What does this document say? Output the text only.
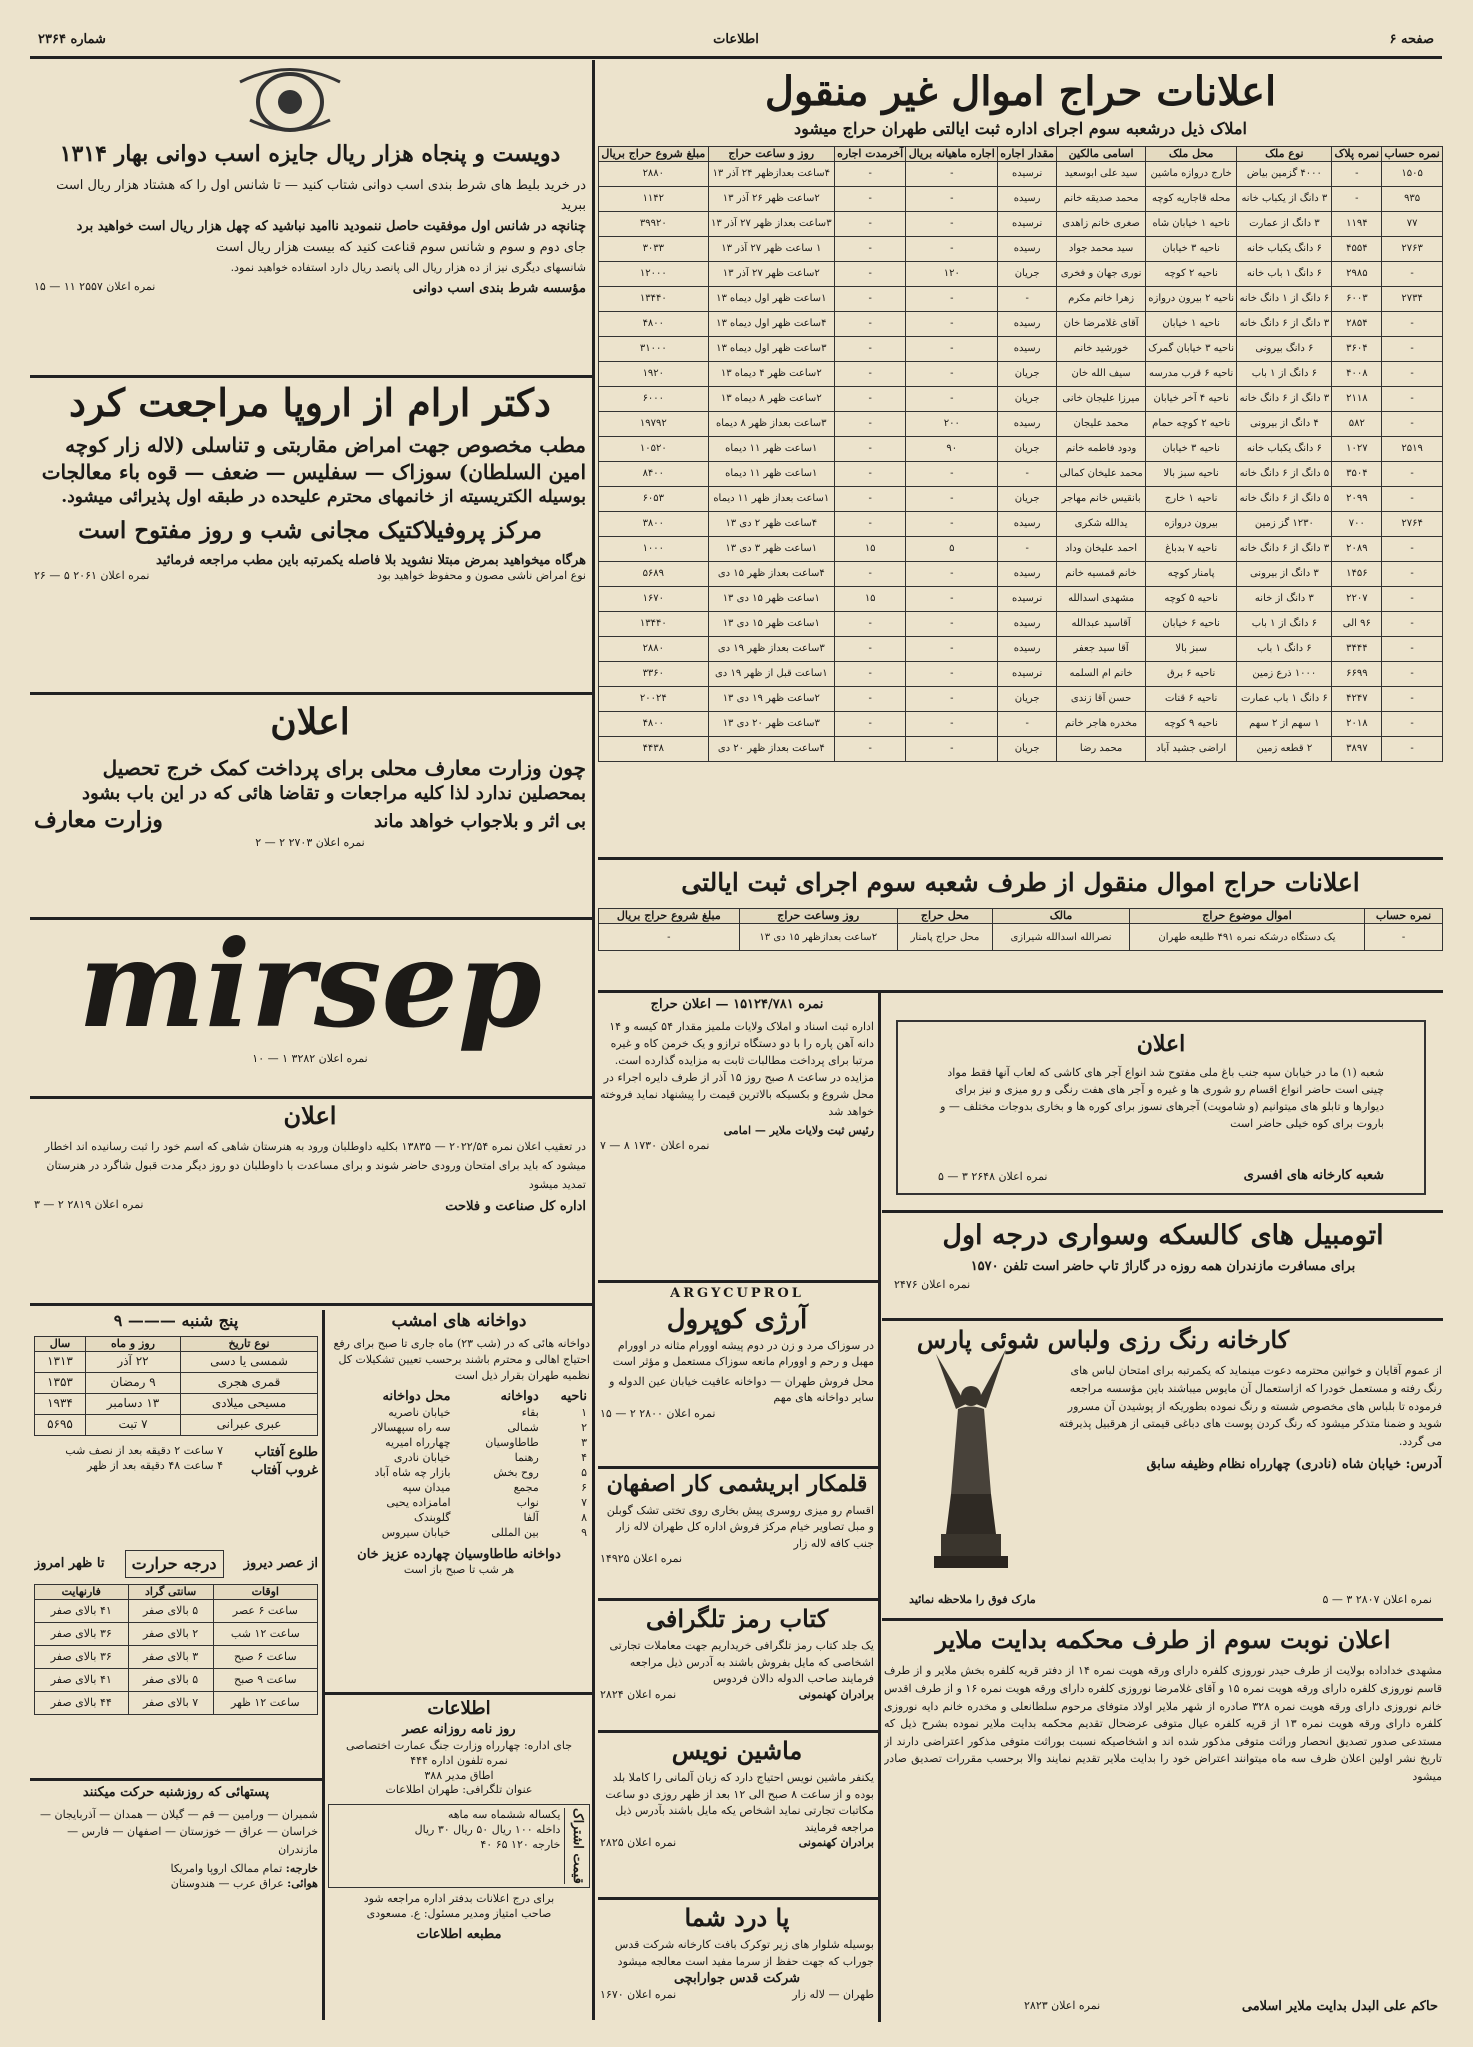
صفحه ۶
اطلاعات
شماره ۲۳۶۴
اعلانات حراج اموال غیر منقول
املاک ذیل درشعبه سوم اجرای اداره ثبت ایالتی طهران حراج میشود
نمره حساب	نمره پلاک	نوع ملک	محل ملک	اسامی مالکین	مقدار اجاره	اجاره ماهیانه بریال	آخرمدت اجاره	روز و ساعت حراج	مبلغ شروع حراج بریال
۱۵۰۵	-	۴۰۰۰ گزمین بیاض	خارج دروازه ماشین	سید علی ابوسعید	نرسیده	-	-	۴ساعت بعدازظهر ۲۴ آذر ۱۳	۲۸۸۰
۹۳۵	-	۳ دانگ از یکباب خانه	محله قاجاریه کوچه	محمد صدیقه خانم	رسیده	-	-	۲ساعت ظهر ۲۶ آذر ۱۳	۱۱۴۲
۷۷	۱۱۹۴	۳ دانگ از عمارت	ناحیه ۱ خیابان شاه	صغری خانم زاهدی	نرسیده	-	-	۳ساعت بعداز ظهر ۲۷ آذر ۱۳	۳۹۹۲۰
۲۷۶۳	۴۵۵۴	۶ دانگ یکباب خانه	ناحیه ۳ خیابان	سید محمد جواد	رسیده	-	-	۱ ساعت ظهر ۲۷ آذر ۱۳	۳۰۳۳
-	۲۹۸۵	۶ دانگ ۱ باب خانه	ناحیه ۲ کوچه	نوری جهان و فخری	جریان	۱۲۰	-	۲ساعت ظهر ۲۷ آذر ۱۳	۱۲۰۰۰
۲۷۳۴	۶۰۰۳	۶ دانگ از ۱ دانگ خانه	ناحیه ۲ بیرون دروازه	زهرا خانم مکرم	-	-	-	۱ساعت ظهر اول دیماه ۱۳	۱۳۴۴۰
-	۲۸۵۴	۳ دانگ از ۶ دانگ خانه	ناحیه ۱ خیابان	آقای غلامرضا خان	رسیده	-	-	۴ساعت ظهر اول دیماه ۱۳	۴۸۰۰
-	۳۶۰۴	۶ دانگ بیرونی	ناحیه ۳ خیابان گمرک	خورشید خانم	رسیده	-	-	۳ساعت ظهر اول دیماه ۱۳	۳۱۰۰۰
-	۴۰۰۸	۶ دانگ از ۱ باب	ناحیه ۶ قرب مدرسه	سیف الله خان	جریان	-	-	۲ساعت ظهر ۴ دیماه ۱۳	۱۹۲۰
-	۲۱۱۸	۳ دانگ از ۶ دانگ خانه	ناحیه ۴ آخر خیابان	میرزا علیجان خانی	جریان	-	-	۲ساعت ظهر ۸ دیماه ۱۳	۶۰۰۰
-	۵۸۲	۴ دانگ از بیرونی	ناحیه ۲ کوچه حمام	محمد علیجان	رسیده	۲۰۰	-	۳ساعت بعداز ظهر ۸ دیماه	۱۹۷۹۲
۲۵۱۹	۱۰۲۷	۶ دانگ یکباب خانه	ناحیه ۳ خیابان	ودود فاطمه خانم	جریان	۹۰	-	۱ساعت ظهر ۱۱ دیماه	۱۰۵۲۰
-	۳۵۰۴	۵ دانگ از ۶ دانگ خانه	ناحیه سبز بالا	محمد علیخان کمالی	-	-	-	۱ساعت ظهر ۱۱ دیماه	۸۴۰۰
-	۲۰۹۹	۵ دانگ از ۶ دانگ خانه	ناحیه ۱ خارج	بانقیس خانم مهاجر	جریان	-	-	۱ساعت بعداز ظهر ۱۱ دیماه	۶۰۵۳
۲۷۶۴	۷۰۰	۱۲۳۰ گز زمین	بیرون دروازه	یدالله شکری	رسیده	-	-	۴ساعت ظهر ۲ دی ۱۳	۳۸۰۰
-	۲۰۸۹	۳ دانگ از ۶ دانگ خانه	ناحیه ۷ بدباغ	احمد علیخان وداد	-	۵	۱۵	۱ساعت ظهر ۳ دی ۱۳	۱۰۰۰
-	۱۴۵۶	۳ دانگ از بیرونی	پامنار کوچه	خانم قمسیه خانم	رسیده	-	-	۴ساعت بعداز ظهر ۱۵ دی	۵۶۸۹
-	۲۲۰۷	۳ دانگ از خانه	ناحیه ۵ کوچه	مشهدی اسدالله	نرسیده	-	۱۵	۱ساعت ظهر ۱۵ دی ۱۳	۱۶۷۰
-	۹۶ الی	۶ دانگ از ۱ باب	ناحیه ۶ خیابان	آقاسید عبدالله	رسیده	-	-	۱ساعت ظهر ۱۵ دی ۱۳	۱۳۴۴۰
-	۳۴۴۴	۶ دانگ ۱ باب	سبز بالا	آقا سید جعفر	رسیده	-	-	۳ساعت بعداز ظهر ۱۹ دی	۲۸۸۰
-	۶۶۹۹	۱۰۰۰ ذرع زمین	ناحیه ۶ برق	خانم ام السلمه	نرسیده	-	-	۱ساعت قبل از ظهر ۱۹ دی	۳۳۶۰
-	۴۲۴۷	۶ دانگ ۱ باب عمارت	ناحیه ۶ قنات	حسن آقا زندی	جریان	-	-	۲ساعت ظهر ۱۹ دی ۱۳	۲۰۰۲۴
-	۲۰۱۸	۱ سهم از ۲ سهم	ناحیه ۹ کوچه	مخدره هاجر خانم	-	-	-	۳ساعت ظهر ۲۰ دی ۱۳	۴۸۰۰
-	۳۸۹۷	۲ قطعه زمین	اراضی جشید آباد	محمد رضا	جریان	-	-	۴ساعت بعداز ظهر ۲۰ دی	۴۴۳۸
اعلانات حراج اموال منقول از طرف شعبه سوم اجرای ثبت ایالتی
نمره حساب	اموال موضوع حراج	مالک	محل حراج	روز وساعت حراج	مبلغ شروع حراج بریال
-	یک دستگاه درشکه نمره ۴۹۱ طلیعه طهران	نصرالله اسدالله شیرازی	محل حراج پامنار	۲ساعت بعدازظهر ۱۵ دی ۱۳	-
اعلان
شعبه (۱) ما در خیابان سپه جنب باغ ملی مفتوح شد انواع آجر های کاشی که لعاب آنها فقط مواد چینی است حاضر انواع اقسام رو شوری ها و غیره و آجر های هفت رنگی و رو میزی و نیز برای دیوارها و تابلو های میتوانیم (و شامویت) آجرهای نسوز برای کوره ها و بخاری بدوجات مختلف — و باروت برای کوه خیلی حاضر است
شعبه کارخانه های افسری
نمره اعلان ۲۶۴۸ ۳ — ۵
اتومبیل های کالسکه وسواری درجه اول
برای مسافرت مازندران همه روزه در گاراژ تاپ حاضر است تلفن ۱۵۷۰
نمره اعلان ۲۴۷۶
کارخانه رنگ رزی ولباس شوئی پارس
از عموم آقایان و خوانین محترمه دعوت مینماید که یکمرتبه برای امتحان لباس های رنگ رفته و مستعمل خودرا که ازاستعمال آن مایوس میباشند باین مؤسسه مراجعه فرموده تا بلباس های مخصوص شسته و رنگ نموده بطوریکه از پوشیدن آن مسرور شوید و ضمنا متذکر میشود که رنگ کردن پوست های دباغی قیمتی از هرقبیل پذیرفته می گردد.
آدرس: خیابان شاه (نادری) چهارراه نظام وظیفه سابق
نمره اعلان ۲۸۰۷ ۳ — ۵
مارک فوق را ملاحظه نمائید
اعلان نوبت سوم از طرف محکمه بدایت ملایر
مشهدی خداداده بولایت از طرف حیدر نوروزی کلفره دارای ورقه هویت نمره ۱۴ از دفتر قریه کلفره بخش ملایر و از طرف قاسم نوروزی کلفره دارای ورقه هویت نمره ۱۵ و آقای غلامرضا نوروزی کلفره دارای ورقه هویت نمره ۱۶ و از طرف اقدس خانم نوروزی دارای ورقه هویت نمره ۳۲۸ صادره از شهر ملایر اولاد متوفای مرحوم سلطانعلی و مخدره خانم دایه نوروزی کلفره دارای ورقه هویت نمره ۱۳ از قریه کلفره عیال متوفی عرضحال تقدیم محکمه بدایت ملایر نموده بشرح ذیل که مستدعی صدور تصدیق انحصار وراثت متوفی مذکور شده اند و اشخاصیکه نسبت بوراثت متوفی مذکور اعتراضی دارند از تاریخ نشر اولین اعلان ظرف سه ماه میتوانند اعتراض خود را بدایت ملایر تقدیم نمایند والا برحسب مقررات تصدیق صادر میشود
حاکم علی البدل بدایت ملایر اسلامی
نمره اعلان ۲۸۲۳
نمره ۱۵۱۲۴/۷۸۱ — اعلان حراج
اداره ثبت اسناد و املاک ولایات ملمیز مقدار ۵۴ کیسه و ۱۴ دانه آهن پاره را با دو دستگاه ترازو و یک خرمن کاه و غیره مرتبا برای پرداخت مطالبات ثابت به مزایده گذارده است. مزایده در ساعت ۸ صبح روز ۱۵ آذر از طرف دایره اجراء در محل شروع و بکسیکه بالاترین قیمت را پیشنهاد نماید فروخته خواهد شد
رئیس ثبت ولایات ملایر — امامی
نمره اعلان ۱۷۳۰ ۸ — ۷
ARGYCUPROL
آرژی کوپرول
در سوزاک مرد و زن در دوم پیشه اوورام مثانه در اوورام مهبل و رحم و اوورام مانعه سوزاک مستعمل و مؤثر است
محل فروش طهران — دواخانه عافیت خیابان عین الدوله و سایر دواخانه های مهم
نمره اعلان ۲۸۰۰ ۲ — ۱۵
قلمکار ابریشمی کار اصفهان
اقسام رو میزی روسری پیش بخاری روی تختی تشک گوبلن و مبل تصاویر خیام مرکز فروش اداره کل طهران لاله زار جنب کافه لاله زار
نمره اعلان ۱۴۹۲۵
کتاب رمز تلگرافی
یک جلد کتاب رمز تلگرافی خریداریم جهت معاملات تجارتی اشخاصی که مایل بفروش باشند به آدرس ذیل مراجعه فرمایند صاحب الدوله دالان فردوس
برادران کهنمونی
نمره اعلان ۲۸۲۴
ماشین نویس
یکنفر ماشین نویس احتیاج دارد که زبان آلمانی را کاملا بلد بوده و از ساعت ۸ صبح الی ۱۲ بعد از ظهر روزی دو ساعت مکاتبات تجارتی نماید اشخاص یکه مایل باشند بآدرس ذیل مراجعه فرمایند
برادران کهنمونی
نمره اعلان ۲۸۲۵
پا درد شما
بوسیله شلوار های زیر توکرک بافت کارخانه شرکت قدس جوراب که جهت حفظ از سرما مفید است معالجه میشود
شرکت قدس جوارابچی
طهران — لاله زار
نمره اعلان ۱۶۷۰
دویست و پنجاه هزار ریال جایزه اسب دوانی بهار ۱۳۱۴
در خرید بلیط های شرط بندی اسب دوانی شتاب کنید — تا شانس اول را که هشتاد هزار ریال است ببرید
چنانچه در شانس اول موفقیت حاصل ننمودید ناامید نباشید که چهل هزار ریال است خواهید برد
جای دوم و سوم و شانس سوم قناعت کنید که بیست هزار ریال است
شانسهای دیگری نیز از ده هزار ریال الی پانصد ریال دارد استفاده خواهید نمود.
مؤسسه شرط بندی اسب دوانی
نمره اعلان ۲۵۵۷ ۱۱ — ۱۵
دکتر ارام از اروپا مراجعت کرد
مطب مخصوص جهت امراض مقاربتی و تناسلی (لاله زار کوچه
امین السلطان) سوزاک — سفلیس — ضعف — قوه باء معالجات
بوسیله الکتریسیته از خانمهای محترم علیحده در طبقه اول پذیرائی میشود.
مرکز پروفیلاکتیک مجانی شب و روز مفتوح است
هرگاه میخواهید بمرض مبتلا نشوید بلا فاصله یکمرتبه باین مطب مراجعه فرمائید
نوع امراض ناشی مصون و محفوظ خواهید بود
نمره اعلان ۲۰۶۱ ۵ — ۲۶
اعلان
چون وزارت معارف محلی برای پرداخت کمک خرج تحصیل
بمحصلین ندارد لذا کلیه مراجعات و تقاضا هائی که در این باب بشود
بی اثر و بلاجواب خواهد ماند
وزارت معارف
نمره اعلان ۲۷۰۳ ۲ — ۲
mirsep
نمره اعلان ۳۲۸۲ ۱ — ۱۰
اعلان
در تعقیب اعلان نمره ۲۰۲۲/۵۴ — ۱۳۸۳۵ بکلیه داوطلبان ورود به هنرستان شاهی که اسم خود را ثبت رسانیده اند اخطار میشود که باید برای امتحان ورودی حاضر شوند و برای مساعدت با داوطلبان دو روز دیگر مدت قبول شاگرد در هنرستان تمدید میشود
اداره کل صناعت و فلاحت
نمره اعلان ۲۸۱۹ ۲ — ۳
دواخانه های امشب
دواخانه هائی که در (شب ۲۳) ماه جاری تا صبح برای رفع احتیاج اهالی و محترم باشند برحسب تعیین تشکیلات کل نظمیه طهران بقرار ذیل است
ناحیه	دواخانه	محل دواخانه
۱	بقاء	خیابان ناصریه
۲	شمالی	سه راه سپهسالار
۳	طاطاوسیان	چهارراه امیریه
۴	رهنما	خیابان نادری
۵	روح بخش	بازار چه شاه آباد
۶	مجمع	میدان سپه
۷	نواب	امامزاده یحیی
۸	آلفا	گلوبندک
۹	بین المللی	خیابان سیروس
دواخانه طاطاوسیان چهارده عزیز خان
هر شب تا صبح باز است
اطلاعات
روز نامه روزانه عصر
جای اداره: چهارراه وزارت جنگ عمارت اختصاصی
نمره تلفون اداره ۴۴۴
اطاق مدیر ۳۸۸
عنوان تلگرافی: طهران اطلاعات
قیمت اشتراک
یکساله ششماه سه ماهه
داخله ۱۰۰ ریال ۵۰ ریال ۳۰ ریال
خارجه ۱۲۰ ۶۵ ۴۰
برای درج اعلانات بدفتر اداره مراجعه شود
صاحب امتیاز ومدیر مسئول: ع. مسعودی
مطبعه اطلاعات
پنج شنبه ——— ۹
نوع تاریخ	روز و ماه	سال
شمسی یا دسی	۲۲ آذر	۱۳۱۳
قمری هجری	۹ رمضان	۱۳۵۳
مسیحی میلادی	۱۳ دسامبر	۱۹۳۴
عبری عبرانی	۷ تبت	۵۶۹۵
طلوع آفتاب
غروب آفتاب
۷ ساعت ۲ دقیقه بعد از نصف شب
۴ ساعت ۴۸ دقیقه بعد از ظهر
از عصر دیروز
درجه حرارت
تا ظهر امروز
اوقات	سانتی گراد	فارنهایت
ساعت ۶ عصر	۵ بالای صفر	۴۱ بالای صفر
ساعت ۱۲ شب	۲ بالای صفر	۳۶ بالای صفر
ساعت ۶ صبح	۳ بالای صفر	۳۶ بالای صفر
ساعت ۹ صبح	۵ بالای صفر	۴۱ بالای صفر
ساعت ۱۲ ظهر	۷ بالای صفر	۴۴ بالای صفر
پستهائی که روزشنبه حرکت میکنند
شمیران — ورامین — قم — گیلان — همدان — آذربایجان — خراسان — عراق — خوزستان — اصفهان — فارس — مازندران
خارجه: تمام ممالک اروپا وامریکا
هوائی: عراق عرب — هندوستان
